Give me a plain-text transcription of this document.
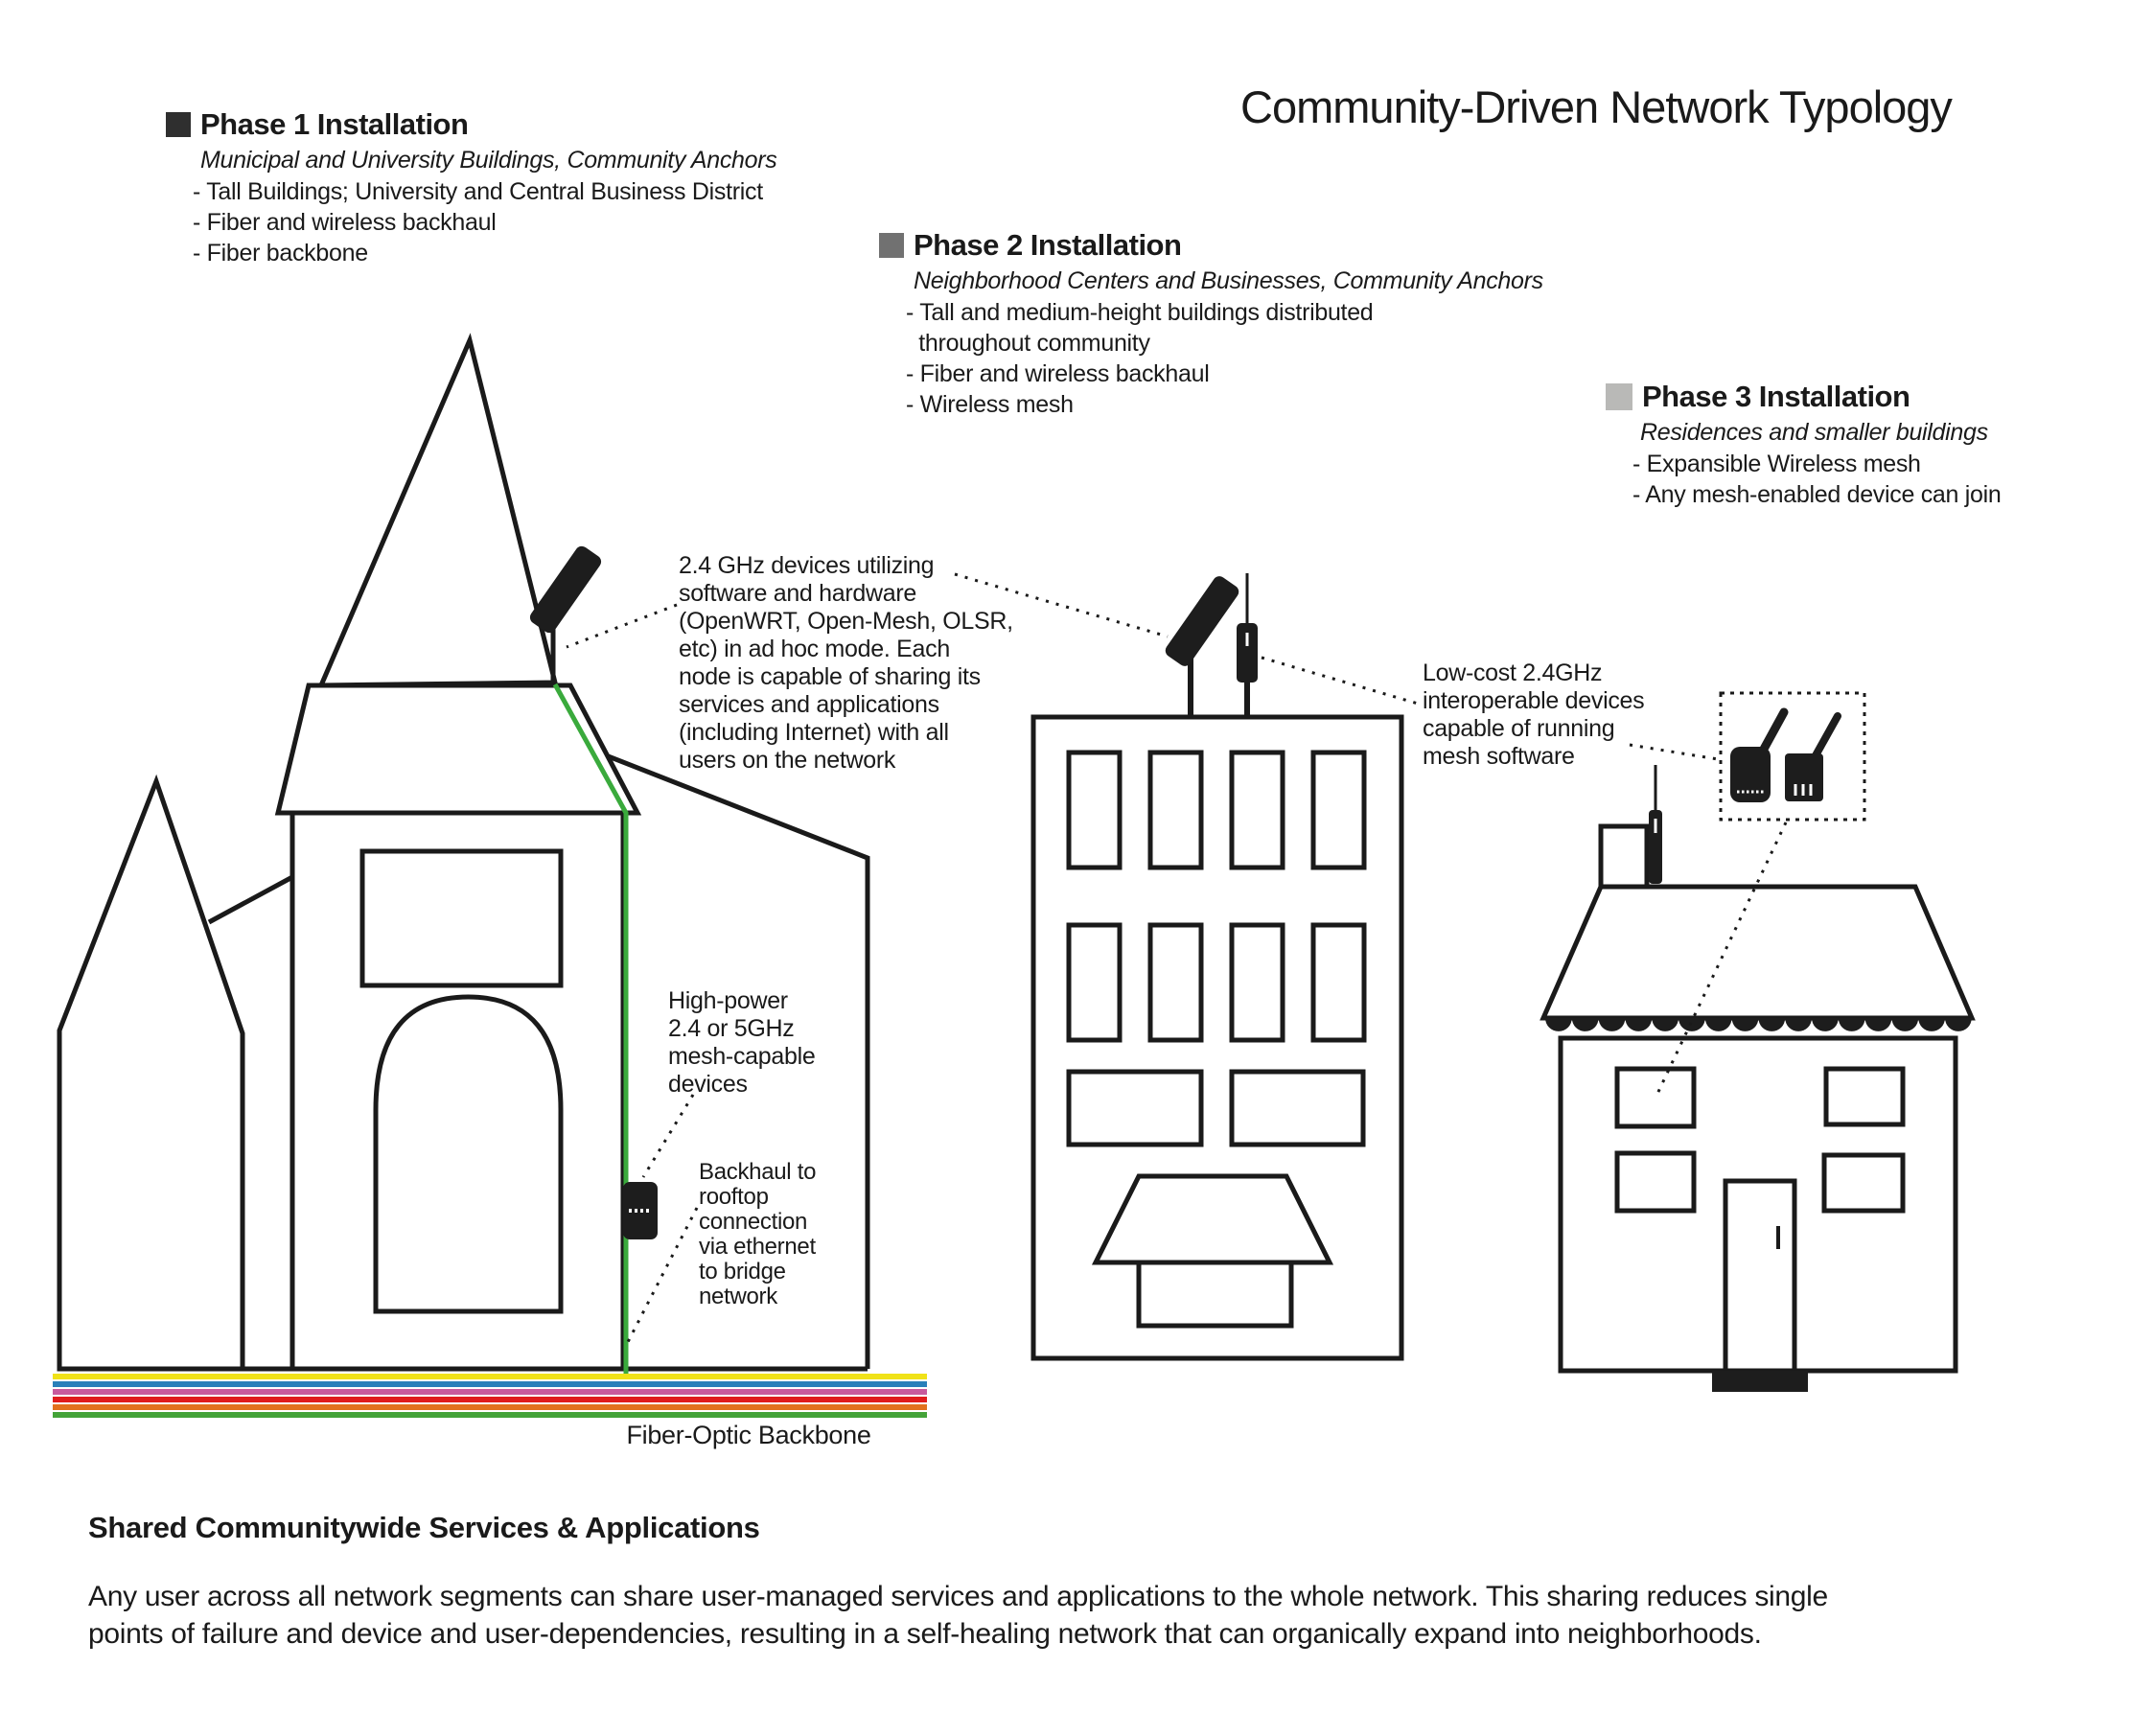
Community-Driven Network Typology
Phase 1 Installation
Municipal and University Buildings, Community Anchors
- Tall Buildings; University and Central Business District
- Fiber and wireless backhaul
- Fiber backbone	Phase 2 Installation
Neighborhood Centers and Businesses, Community Anchors
- Tall and medium-height buildings distributed
throughout community
- Fiber and wireless backhaul
- Wireless mesh	Phase 3 Installation
Residences and smaller buildings
- Expansible Wireless mesh
- Any mesh-enabled device can join
2.4 GHz devices utilizing
software and hardware
(OpenWRT, Open-Mesh, OLSR,
etc) in ad hoc mode. Each
node is capable of sharing its
services and applications
(including Internet) with all
users on the network
High-power
2.4 or 5GHz
mesh-capable
devices
Backhaul to
rooftop
connection
via ethernet
to bridge
network
Low-cost 2.4GHz
interoperable devices
capable of running
mesh software
Fiber-Optic Backbone
Shared Communitywide Services & Applications
Any user across all network segments can share user-managed services and applications to the whole network. This sharing reduces single
points of failure and device and user-dependencies, resulting in a self-healing network that can organically expand into neighborhoods.
